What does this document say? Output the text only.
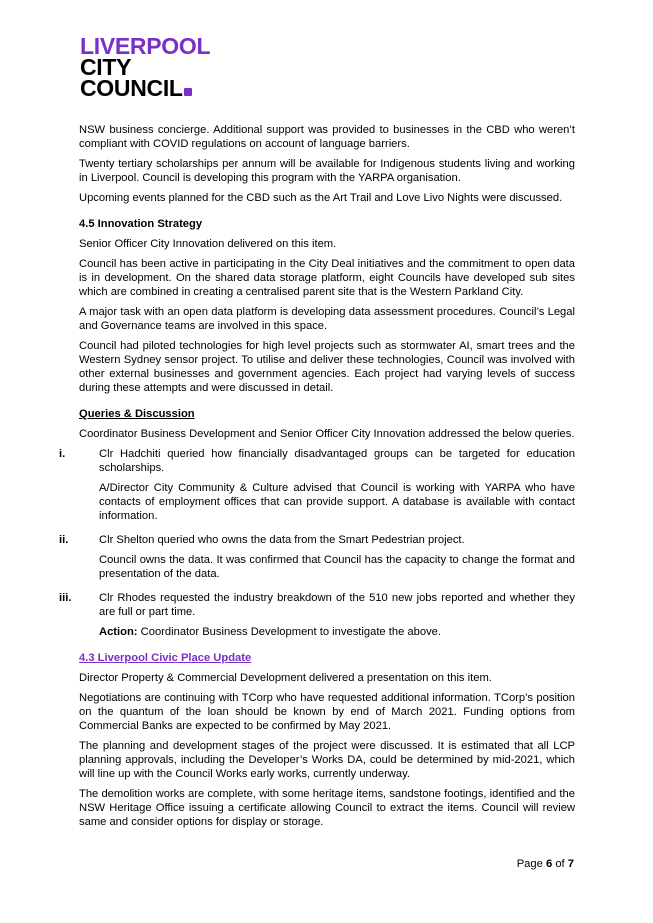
LIVERPOOL
CITY
COUNCIL

NSW business concierge. Additional support was provided to businesses in the CBD who weren’t compliant with COVID regulations on account of language barriers.

Twenty tertiary scholarships per annum will be available for Indigenous students living and working in Liverpool. Council is developing this program with the YARPA organisation.

Upcoming events planned for the CBD such as the Art Trail and Love Livo Nights were discussed.

4.5 Innovation Strategy

Senior Officer City Innovation delivered on this item.

Council has been active in participating in the City Deal initiatives and the commitment to open data is in development. On the shared data storage platform, eight Councils have developed sub sites which are combined in creating a centralised parent site that is the Western Parkland City.

A major task with an open data platform is developing data assessment procedures. Council’s Legal and Governance teams are involved in this space.

Council had piloted technologies for high level projects such as stormwater AI, smart trees and the Western Sydney sensor project. To utilise and deliver these technologies, Council was involved with other external businesses and government agencies. Each project had varying levels of success during these attempts and were discussed in detail.

Queries & Discussion

Coordinator Business Development and Senior Officer City Innovation addressed the below queries.

i.	Clr Hadchiti queried how financially disadvantaged groups can be targeted for education scholarships.

A/Director City Community & Culture advised that Council is working with YARPA who have contacts of employment offices that can provide support. A database is available with contact information.

ii.	Clr Shelton queried who owns the data from the Smart Pedestrian project.

Council owns the data. It was confirmed that Council has the capacity to change the format and presentation of the data.

iii.	Clr Rhodes requested the industry breakdown of the 510 new jobs reported and whether they are full or part time.

Action: Coordinator Business Development to investigate the above.

4.3 Liverpool Civic Place Update

Director Property & Commercial Development delivered a presentation on this item.

Negotiations are continuing with TCorp who have requested additional information. TCorp’s position on the quantum of the loan should be known by end of March 2021. Funding options from Commercial Banks are expected to be confirmed by May 2021.

The planning and development stages of the project were discussed. It is estimated that all LCP planning approvals, including the Developer’s Works DA, could be determined by mid-2021, which will line up with the Council Works early works, currently underway.

The demolition works are complete, with some heritage items, sandstone footings, identified and the NSW Heritage Office issuing a certificate allowing Council to extract the items. Council will review same and consider options for display or storage.

Page 6 of 7
